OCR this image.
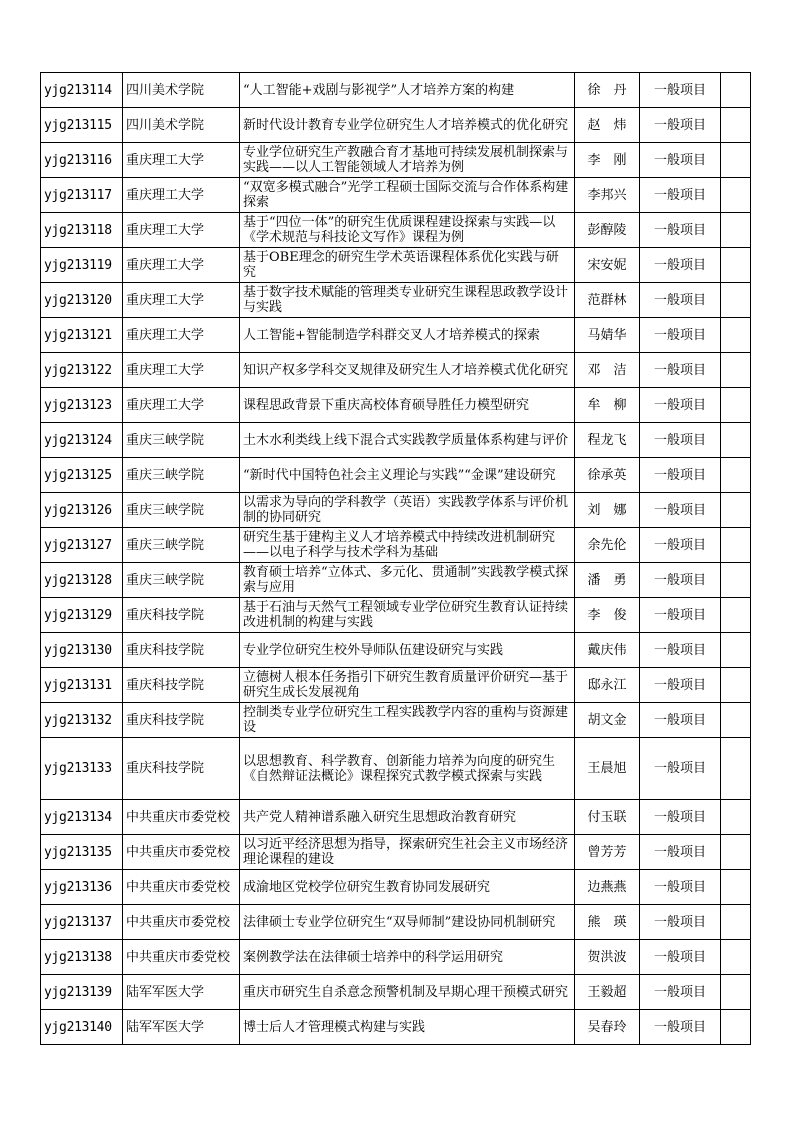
yjg213114	四川美术学院	“人工智能+戏剧与影视学”人才培养方案的构建	徐　丹	一般项目	
yjg213115	四川美术学院	新时代设计教育专业学位研究生人才培养模式的优化研究	赵　炜	一般项目	
yjg213116	重庆理工大学	专业学位研究生产教融合育才基地可持续发展机制探索与实践——以人工智能领域人才培养为例	李　刚	一般项目	
yjg213117	重庆理工大学	“双宽多模式融合”光学工程硕士国际交流与合作体系构建探索	李邦兴	一般项目	
yjg213118	重庆理工大学	基于“四位一体”的研究生优质课程建设探索与实践—以《学术规范与科技论文写作》课程为例	彭醇陵	一般项目	
yjg213119	重庆理工大学	基于OBE理念的研究生学术英语课程体系优化实践与研究	宋安妮	一般项目	
yjg213120	重庆理工大学	基于数字技术赋能的管理类专业研究生课程思政教学设计与实践	范群林	一般项目	
yjg213121	重庆理工大学	人工智能+智能制造学科群交叉人才培养模式的探索	马婧华	一般项目	
yjg213122	重庆理工大学	知识产权多学科交叉规律及研究生人才培养模式优化研究	邓　洁	一般项目	
yjg213123	重庆理工大学	课程思政背景下重庆高校体育硕导胜任力模型研究	牟　柳	一般项目	
yjg213124	重庆三峡学院	土木水利类线上线下混合式实践教学质量体系构建与评价	程龙飞	一般项目	
yjg213125	重庆三峡学院	“新时代中国特色社会主义理论与实践”“金课”建设研究	徐承英	一般项目	
yjg213126	重庆三峡学院	以需求为导向的学科教学（英语）实践教学体系与评价机制的协同研究	刘　娜	一般项目	
yjg213127	重庆三峡学院	研究生基于建构主义人才培养模式中持续改进机制研究——以电子科学与技术学科为基础	余先伦	一般项目	
yjg213128	重庆三峡学院	教育硕士培养“立体式、多元化、贯通制”实践教学模式探索与应用	潘　勇	一般项目	
yjg213129	重庆科技学院	基于石油与天然气工程领域专业学位研究生教育认证持续改进机制的构建与实践	李　俊	一般项目	
yjg213130	重庆科技学院	专业学位研究生校外导师队伍建设研究与实践	戴庆伟	一般项目	
yjg213131	重庆科技学院	立德树人根本任务指引下研究生教育质量评价研究—基于研究生成长发展视角	邸永江	一般项目	
yjg213132	重庆科技学院	控制类专业学位研究生工程实践教学内容的重构与资源建设	胡文金	一般项目	
yjg213133	重庆科技学院	以思想教育、科学教育、创新能力培养为向度的研究生《自然辩证法概论》课程探究式教学模式探索与实践	王晨旭	一般项目	
yjg213134	中共重庆市委党校	共产党人精神谱系融入研究生思想政治教育研究	付玉联	一般项目	
yjg213135	中共重庆市委党校	以习近平经济思想为指导，探索研究生社会主义市场经济理论课程的建设	曾芳芳	一般项目	
yjg213136	中共重庆市委党校	成渝地区党校学位研究生教育协同发展研究	边燕燕	一般项目	
yjg213137	中共重庆市委党校	法律硕士专业学位研究生“双导师制”建设协同机制研究	熊　瑛	一般项目	
yjg213138	中共重庆市委党校	案例教学法在法律硕士培养中的科学运用研究	贺洪波	一般项目	
yjg213139	陆军军医大学	重庆市研究生自杀意念预警机制及早期心理干预模式研究	王毅超	一般项目	
yjg213140	陆军军医大学	博士后人才管理模式构建与实践	吴春玲	一般项目	
